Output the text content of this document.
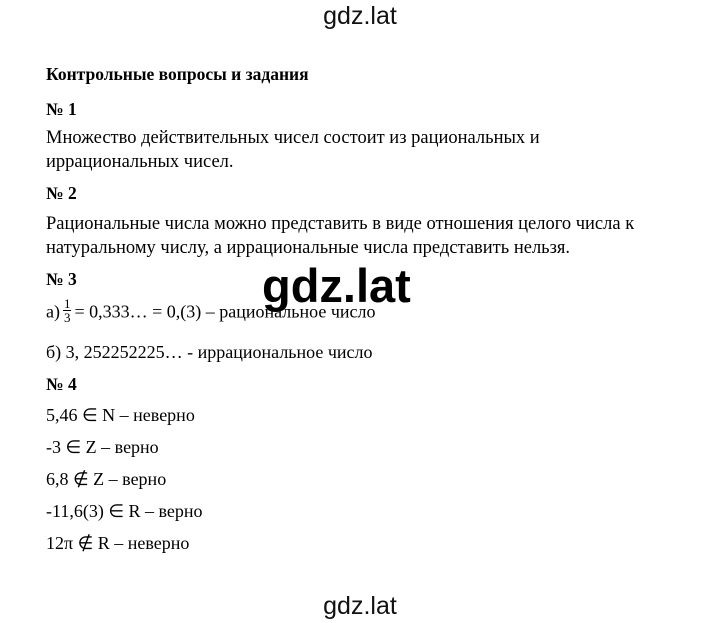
gdz.lat
Контрольные вопросы и задания
№ 1
Множество действительных чисел состоит из рациональных и
иррациональных чисел.
№ 2
Рациональные числа можно представить в виде отношения целого числа к
натуральному числу, а иррациональные числа представить нельзя.
№ 3
$а) \frac{1}{3}$ = 0,333… = 0,(3) – рациональное число
б) 3, 252252225… - иррациональное число
№ 4
5,46 ∈ N – неверно
-3 ∈ Z – верно
6,8 ∉ Z – верно
-11,6(3) ∈ R – верно
12π ∉ R – неверно
gdz.lat
gdz.lat
